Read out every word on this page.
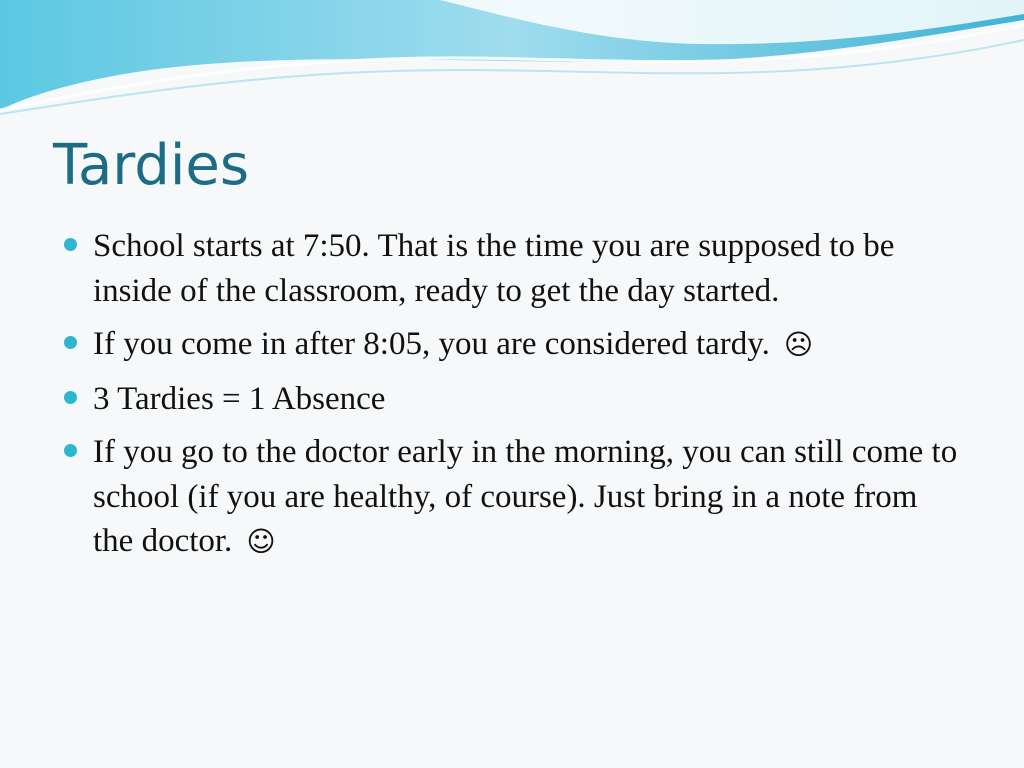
Tardies
School starts at 7:50. That is the time you are supposed to be inside of the classroom, ready to get the day started.
If you come in after 8:05, you are considered tardy. ☹
3 Tardies = 1 Absence
If you go to the doctor early in the morning, you can still come to school (if you are healthy, of course). Just bring in a note from the doctor. ☺
